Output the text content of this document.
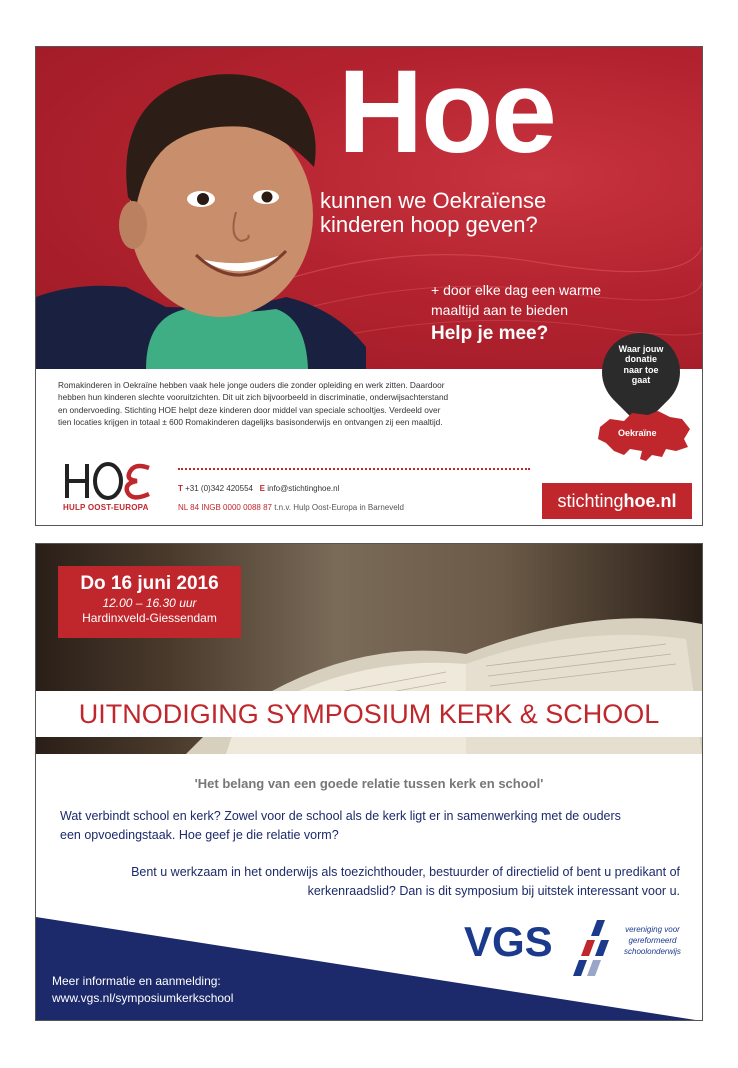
Hoe
kunnen we Oekraïense
kinderen hoop geven?
+ door elke dag een warme
maaltijd aan te bieden
Help je mee?
Waar jouw
donatie
naar toe
gaat
Oekraïne
Romakinderen in Oekraïne hebben vaak hele jonge ouders die zonder opleiding en werk zitten. Daardoor
hebben hun kinderen slechte vooruitzichten. Dit uit zich bijvoorbeeld in discriminatie, onderwijsachterstand
en ondervoeding. Stichting HOE helpt deze kinderen door middel van speciale schooltjes. Verdeeld over
tien locaties krijgen in totaal ± 600 Romakinderen dagelijks basisonderwijs en ontvangen zij een maaltijd.
HULP OOST-EUROPA
T +31 (0)342 420554 E info@stichtinghoe.nl
NL 84 INGB 0000 0088 87 t.n.v. Hulp Oost-Europa in Barneveld	stichtinghoe.nl
Do 16 juni 2016
12.00 – 16.30 uur
Hardinxveld-Giessendam
UITNODIGING SYMPOSIUM KERK & SCHOOL
'Het belang van een goede relatie tussen kerk en school'
Wat verbindt school en kerk? Zowel voor de school als de kerk ligt er in samenwerking met de ouders
een opvoedingstaak. Hoe geef je die relatie vorm?
Bent u werkzaam in het onderwijs als toezichthouder, bestuurder of directielid of bent u predikant of
kerkenraadslid? Dan is dit symposium bij uitstek interessant voor u.
Meer informatie en aanmelding:
www.vgs.nl/symposiumkerkschool
VGS	vereniging voor
gereformeerd
schoolonderwijs
